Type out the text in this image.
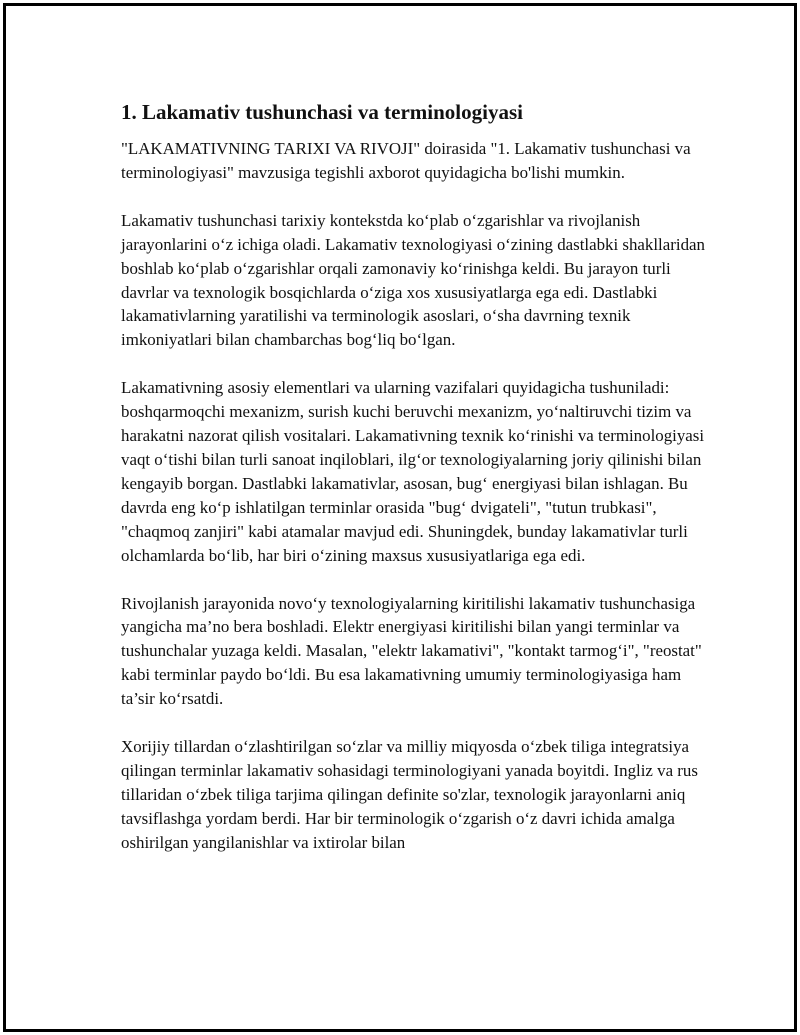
1. Lakamativ tushunchasi va terminologiyasi

"LAKAMATIVNING TARIXI VA RIVOJI" doirasida "1. Lakamativ tushunchasi va terminologiyasi" mavzusiga tegishli axborot quyidagicha bo'lishi mumkin.

Lakamativ tushunchasi tarixiy kontekstda ko‘plab o‘zgarishlar va rivojlanish jarayonlarini o‘z ichiga oladi. Lakamativ texnologiyasi o‘zining dastlabki shakllaridan boshlab ko‘plab o‘zgarishlar orqali zamonaviy ko‘rinishga keldi. Bu jarayon turli davrlar va texnologik bosqichlarda o‘ziga xos xususiyatlarga ega edi. Dastlabki lakamativlarning yaratilishi va terminologik asoslari, o‘sha davrning texnik imkoniyatlari bilan chambarchas bog‘liq bo‘lgan.

Lakamativning asosiy elementlari va ularning vazifalari quyidagicha tushuniladi: boshqarmoqchi mexanizm, surish kuchi beruvchi mexanizm, yo‘naltiruvchi tizim va harakatni nazorat qilish vositalari. Lakamativning texnik ko‘rinishi va terminologiyasi vaqt o‘tishi bilan turli sanoat inqiloblari, ilg‘or texnologiyalarning joriy qilinishi bilan kengayib borgan. Dastlabki lakamativlar, asosan, bug‘ energiyasi bilan ishlagan. Bu davrda eng ko‘p ishlatilgan terminlar orasida "bug‘ dvigateli", "tutun trubkasi", "chaqmoq zanjiri" kabi atamalar mavjud edi. Shuningdek, bunday lakamativlar turli olchamlarda bo‘lib, har biri o‘zining maxsus xususiyatlariga ega edi.

Rivojlanish jarayonida novo‘y texnologiyalarning kiritilishi lakamativ tushunchasiga yangicha ma’no bera boshladi. Elektr energiyasi kiritilishi bilan yangi terminlar va tushunchalar yuzaga keldi. Masalan, "elektr lakamativi", "kontakt tarmog‘i", "reostat" kabi terminlar paydo bo‘ldi. Bu esa lakamativning umumiy terminologiyasiga ham ta’sir ko‘rsatdi.

Xorijiy tillardan o‘zlashtirilgan so‘zlar va milliy miqyosda o‘zbek tiliga integratsiya qilingan terminlar lakamativ sohasidagi terminologiyani yanada boyitdi. Ingliz va rus tillaridan o‘zbek tiliga tarjima qilingan definite so'zlar, texnologik jarayonlarni aniq tavsiflashga yordam berdi. Har bir terminologik o‘zgarish o‘z davri ichida amalga oshirilgan yangilanishlar va ixtirolar bilan
